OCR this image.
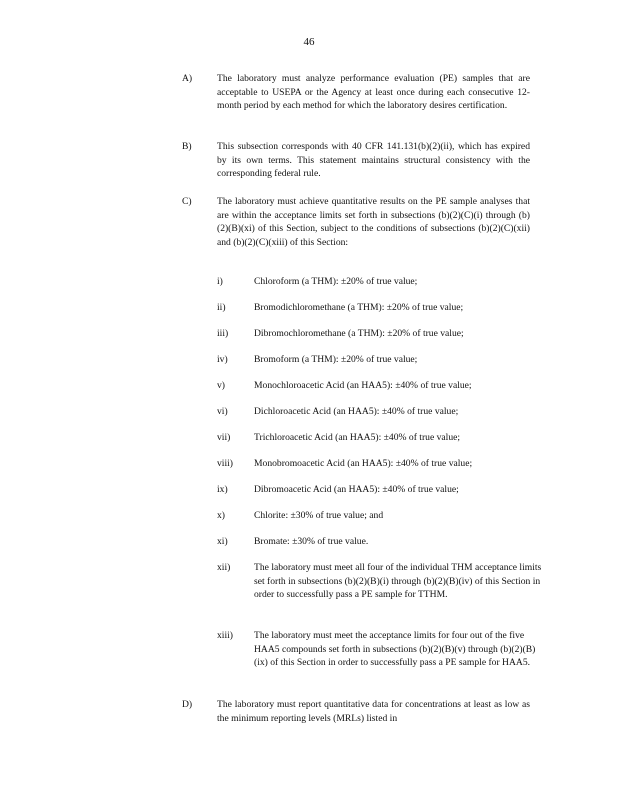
46
A)	The laboratory must analyze performance evaluation (PE) samples that are acceptable to USEPA or the Agency at least once during each consecutive 12-month period by each method for which the laboratory desires certification.
B)	This subsection corresponds with 40 CFR 141.131(b)(2)(ii), which has expired by its own terms. This statement maintains structural consistency with the corresponding federal rule.
C)	The laboratory must achieve quantitative results on the PE sample analyses that are within the acceptance limits set forth in subsections (b)(2)(C)(i) through (b)(2)(B)(xi) of this Section, subject to the conditions of subsections (b)(2)(C)(xii) and (b)(2)(C)(xiii) of this Section:
i)	Chloroform (a THM): ±20% of true value;
ii)	Bromodichloromethane (a THM): ±20% of true value;
iii)	Dibromochloromethane (a THM): ±20% of true value;
iv)	Bromoform (a THM): ±20% of true value;
v)	Monochloroacetic Acid (an HAA5): ±40% of true value;
vi)	Dichloroacetic Acid (an HAA5): ±40% of true value;
vii) Trichloroacetic Acid (an HAA5): ±40% of true value;
viii) Monobromoacetic Acid (an HAA5): ±40% of true value;
ix)	Dibromoacetic Acid (an HAA5): ±40% of true value;
x)	Chlorite: ±30% of true value; and
xi)	Bromate: ±30% of true value.
xii) The laboratory must meet all four of the individual THM acceptance limits set forth in subsections (b)(2)(B)(i) through (b)(2)(B)(iv) of this Section in order to successfully pass a PE sample for TTHM.
xiii) The laboratory must meet the acceptance limits for four out of the five HAA5 compounds set forth in subsections (b)(2)(B)(v) through (b)(2)(B)(ix) of this Section in order to successfully pass a PE sample for HAA5.
D)	The laboratory must report quantitative data for concentrations at least as low as the minimum reporting levels (MRLs) listed in
